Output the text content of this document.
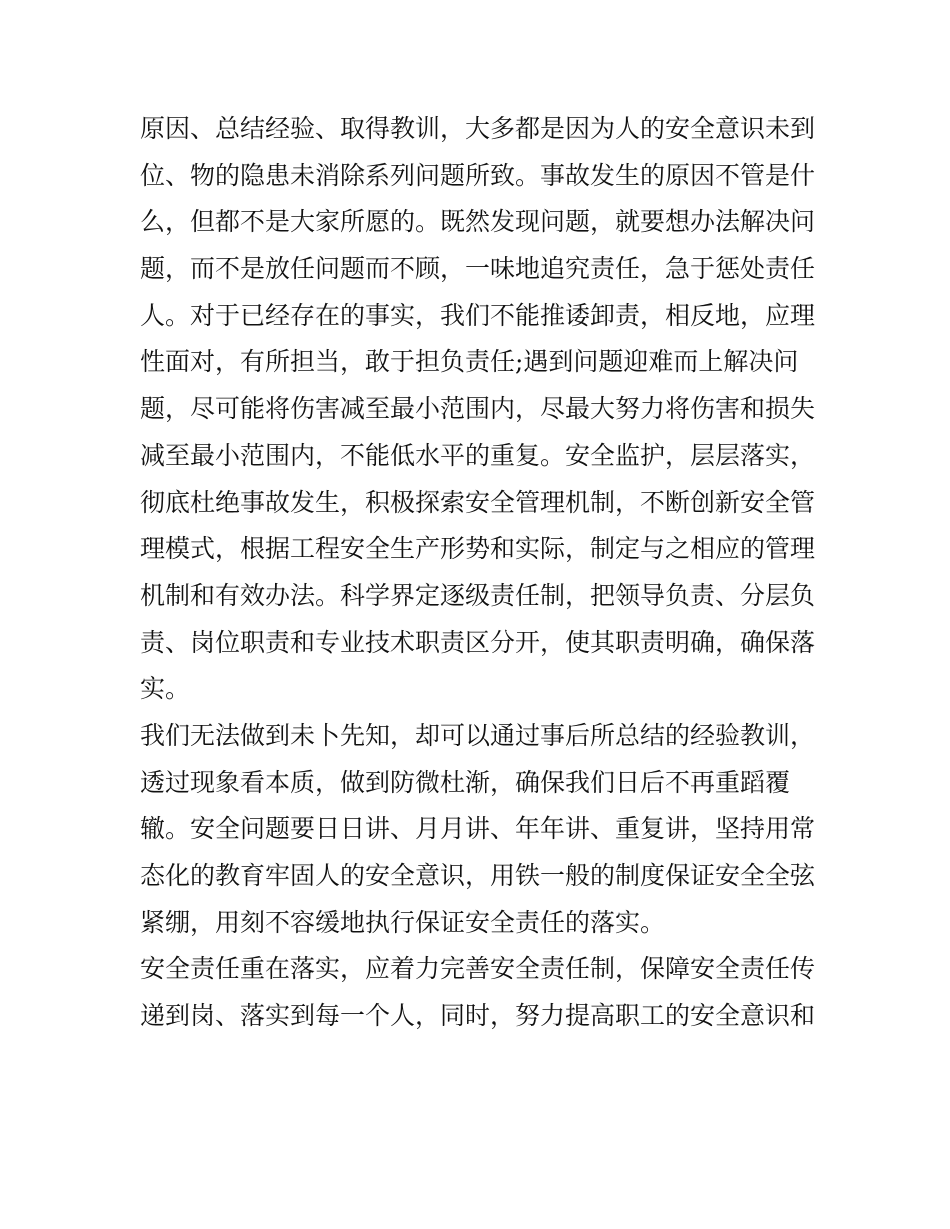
原因、总结经验、取得教训，大多都是因为人的安全意识未到
位、物的隐患未消除系列问题所致。事故发生的原因不管是什
么，但都不是大家所愿的。既然发现问题，就要想办法解决问
题，而不是放任问题而不顾，一味地追究责任，急于惩处责任
人。对于已经存在的事实，我们不能推诿卸责，相反地，应理
性面对，有所担当，敢于担负责任;遇到问题迎难而上解决问
题，尽可能将伤害减至最小范围内，尽最大努力将伤害和损失
减至最小范围内，不能低水平的重复。安全监护，层层落实，
彻底杜绝事故发生，积极探索安全管理机制，不断创新安全管
理模式，根据工程安全生产形势和实际，制定与之相应的管理
机制和有效办法。科学界定逐级责任制，把领导负责、分层负
责、岗位职责和专业技术职责区分开，使其职责明确，确保落
实。
我们无法做到未卜先知，却可以通过事后所总结的经验教训，
透过现象看本质，做到防微杜渐，确保我们日后不再重蹈覆
辙。安全问题要日日讲、月月讲、年年讲、重复讲，坚持用常
态化的教育牢固人的安全意识，用铁一般的制度保证安全全弦
紧绷，用刻不容缓地执行保证安全责任的落实。
安全责任重在落实，应着力完善安全责任制，保障安全责任传
递到岗、落实到每一个人，同时，努力提高职工的安全意识和
